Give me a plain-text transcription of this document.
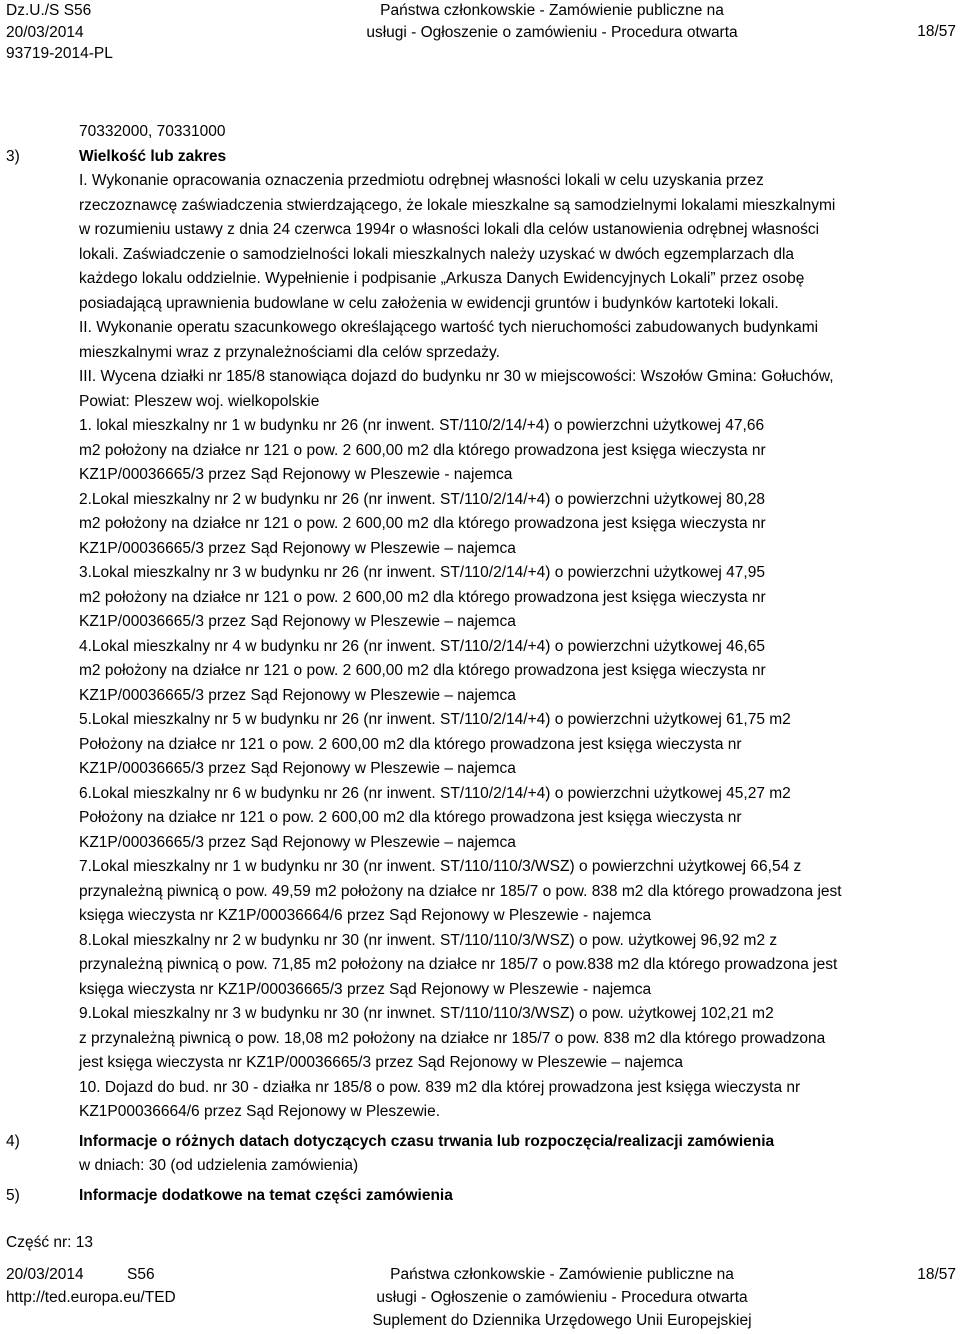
Dz.U./S S56
20/03/2014
93719-2014-PL
Państwa członkowskie - Zamówienie publiczne na
usługi - Ogłoszenie o zamówieniu - Procedura otwarta	18/57
70332000, 70331000
3)	Wielkość lub zakres
I. Wykonanie opracowania oznaczenia przedmiotu odrębnej własności lokali w celu uzyskania przez
rzeczoznawcę zaświadczenia stwierdzającego, że lokale mieszkalne są samodzielnymi lokalami mieszkalnymi
w rozumieniu ustawy z dnia 24 czerwca 1994r o własności lokali dla celów ustanowienia odrębnej własności
lokali. Zaświadczenie o samodzielności lokali mieszkalnych należy uzyskać w dwóch egzemplarzach dla
każdego lokalu oddzielnie. Wypełnienie i podpisanie „Arkusza Danych Ewidencyjnych Lokali” przez osobę
posiadającą uprawnienia budowlane w celu założenia w ewidencji gruntów i budynków kartoteki lokali.
II. Wykonanie operatu szacunkowego określającego wartość tych nieruchomości zabudowanych budynkami
mieszkalnymi wraz z przynależnościami dla celów sprzedaży.
III. Wycena działki nr 185/8 stanowiąca dojazd do budynku nr 30 w miejscowości: Wszołów Gmina: Gołuchów,
Powiat: Pleszew woj. wielkopolskie
1. lokal mieszkalny nr 1 w budynku nr 26 (nr inwent. ST/110/2/14/+4) o powierzchni użytkowej 47,66
m2 położony na działce nr 121 o pow. 2 600,00 m2 dla którego prowadzona jest księga wieczysta nr
KZ1P/00036665/3 przez Sąd Rejonowy w Pleszewie - najemca
2.Lokal mieszkalny nr 2 w budynku nr 26 (nr inwent. ST/110/2/14/+4) o powierzchni użytkowej 80,28
m2 położony na działce nr 121 o pow. 2 600,00 m2 dla którego prowadzona jest księga wieczysta nr
KZ1P/00036665/3 przez Sąd Rejonowy w Pleszewie – najemca
3.Lokal mieszkalny nr 3 w budynku nr 26 (nr inwent. ST/110/2/14/+4) o powierzchni użytkowej 47,95
m2 położony na działce nr 121 o pow. 2 600,00 m2 dla którego prowadzona jest księga wieczysta nr
KZ1P/00036665/3 przez Sąd Rejonowy w Pleszewie – najemca
4.Lokal mieszkalny nr 4 w budynku nr 26 (nr inwent. ST/110/2/14/+4) o powierzchni użytkowej 46,65
m2 położony na działce nr 121 o pow. 2 600,00 m2 dla którego prowadzona jest księga wieczysta nr
KZ1P/00036665/3 przez Sąd Rejonowy w Pleszewie – najemca
5.Lokal mieszkalny nr 5 w budynku nr 26 (nr inwent. ST/110/2/14/+4) o powierzchni użytkowej 61,75 m2
Położony na działce nr 121 o pow. 2 600,00 m2 dla którego prowadzona jest księga wieczysta nr
KZ1P/00036665/3 przez Sąd Rejonowy w Pleszewie – najemca
6.Lokal mieszkalny nr 6 w budynku nr 26 (nr inwent. ST/110/2/14/+4) o powierzchni użytkowej 45,27 m2
Położony na działce nr 121 o pow. 2 600,00 m2 dla którego prowadzona jest księga wieczysta nr
KZ1P/00036665/3 przez Sąd Rejonowy w Pleszewie – najemca
7.Lokal mieszkalny nr 1 w budynku nr 30 (nr inwent. ST/110/110/3/WSZ) o powierzchni użytkowej 66,54 z
przynależną piwnicą o pow. 49,59 m2 położony na działce nr 185/7 o pow. 838 m2 dla którego prowadzona jest
księga wieczysta nr KZ1P/00036664/6 przez Sąd Rejonowy w Pleszewie - najemca
8.Lokal mieszkalny nr 2 w budynku nr 30 (nr inwent. ST/110/110/3/WSZ) o pow. użytkowej 96,92 m2 z
przynależną piwnicą o pow. 71,85 m2 położony na działce nr 185/7 o pow.838 m2 dla którego prowadzona jest
księga wieczysta nr KZ1P/00036665/3 przez Sąd Rejonowy w Pleszewie - najemca
9.Lokal mieszkalny nr 3 w budynku nr 30 (nr inwnet. ST/110/110/3/WSZ) o pow. użytkowej 102,21 m2
z przynależną piwnicą o pow. 18,08 m2 położony na działce nr 185/7 o pow. 838 m2 dla którego prowadzona
jest księga wieczysta nr KZ1P/00036665/3 przez Sąd Rejonowy w Pleszewie – najemca
10. Dojazd do bud. nr 30 - działka nr 185/8 o pow. 839 m2 dla której prowadzona jest księga wieczysta nr
KZ1P00036664/6 przez Sąd Rejonowy w Pleszewie.
4)	Informacje o różnych datach dotyczących czasu trwania lub rozpoczęcia/realizacji zamówienia
w dniach: 30 (od udzielenia zamówienia)
5)	Informacje dodatkowe na temat części zamówienia
Część nr: 13
20/03/2014	S56
http://ted.europa.eu/TED
Państwa członkowskie - Zamówienie publiczne na
usługi - Ogłoszenie o zamówieniu - Procedura otwarta
Suplement do Dziennika Urzędowego Unii Europejskiej
18/57
